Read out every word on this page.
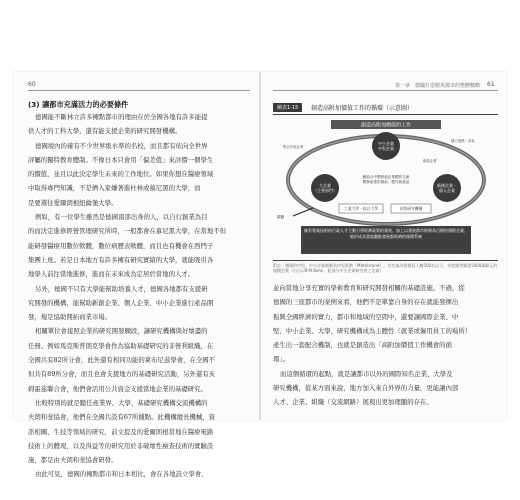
60
(3) 讓都市充滿活力的必要條件
德國能不斷林立許多擁點都市的理由在於全國各地有許多能提
供人才的工科大學，還有能支援企業的研究開發機構。
德國境內的確有不少世界級水準的名校，而且都有依向全世界
評屬的獨特教育體制。不像日本只會用「偏差值」來評價一個學生
的價值，並且以此決定學生未來的工作地位。如果你想在醫療領域
中取得專門知識，不是擠入家嫌著進杜林或慕尼黑的大學，而
是要選往愛爾朗根紐倫堡大學。
例如，有一位學生雖然是德國南部出身的人，以自行創業為目
的而決定進修經營管理研究所時，一般都會在慕尼黑大學，在當地不但
能研發醫療用數位軟體，數位病歷表軟體，而且也有機會在西門子
集團上班。若是日本地方有許多擁有研究實績的大學，就能吸引各
地學人前往當地進修，進而在未來成為定居於當地的人才。
另外，德國不只有大學能幫助培養人才，德國各地都有支援研
究開發的機構，能幫助新創企業、個人企業、中小企業進行產品開
發，規是協助開拓商業市場。
相關單位會接照企業的研究開發願段，讓研究機構與好壞盡的
任務。例如馬克斯普朗克學會作為協助基礎研究的非營利組織，在
全國共有82所分會，此外還有相同功能的萊布尼茲學會，在全國不
但共有89所分會，而且也會支援地方的基礎研究活動，另外還有亥
姆霍茲聯合會，他們會活用公共資金支援當地企業的基礎研究。
比較特別的就是聽任產業界、大學、基礎研究機構交流機構的
夫朗和斐協會，他們在全國共設有67所據點。此機構擅長機械，資
訊相關、生技等領域的研究，前文提及的愛爾朗根當地在醫療電路
技術上的體現，以及得益等的研究用於非破壞性檢查技術的實驗設
施，都是由夫朗和斐協會研發。
由此可見，德國的擁點都市和日本相比，會在各地設立學會、
第一章　德國打造精英都市的整體戰略 61
圖表1-15	創造高附加價值工作的循環（示意圖）
創造高附加價值的工作
中小企業
中堅企業
大企業
（主要部門）
新創企業・
個人企業
藉結合中價格值企業體的交流
開發產業的創新、製作新產品
工業大學・綜合大學	民間研究機構
集合在地企業
擴大規模・成長
創投企業
啟動
擁有專業技術的行政人才主動引導經濟政策的發展。加上以發展都市經濟為目標的國際企業、能形成具當地觀點發展都經濟的循環系統
附註：德國的中堅、中小企業被稱為中堅經濟（Mittelstand）。其定義為從業員人數500名以下，年度銷售額達5000萬歐元的規模企業（出自以IFM Bonn，此部分中小企業研究所之定義）
並向當地分享充實的學術教育和研究開發相關的基礎設施。不過，從
德國的三座都市的案例來看，他們不是單靠自身的存在就能發揮出
振興全國經濟的實力，都市和地域的空間中，還要讓國際企業、中
堅、中小企業、大學、研究機構成為主體性（就業或僱用員工的場所）
產生出一套配合機制，也就是創造出「高附加價值工作機會的循
環」。
而這個循環的起點，就是讓都市以外的國際知名企業、大學及
研究機構，從某方面來說，地方加入來自外界的力量，更能讓內部
人才、企業、組織（交流網路）展現出更加理顯的存在。
